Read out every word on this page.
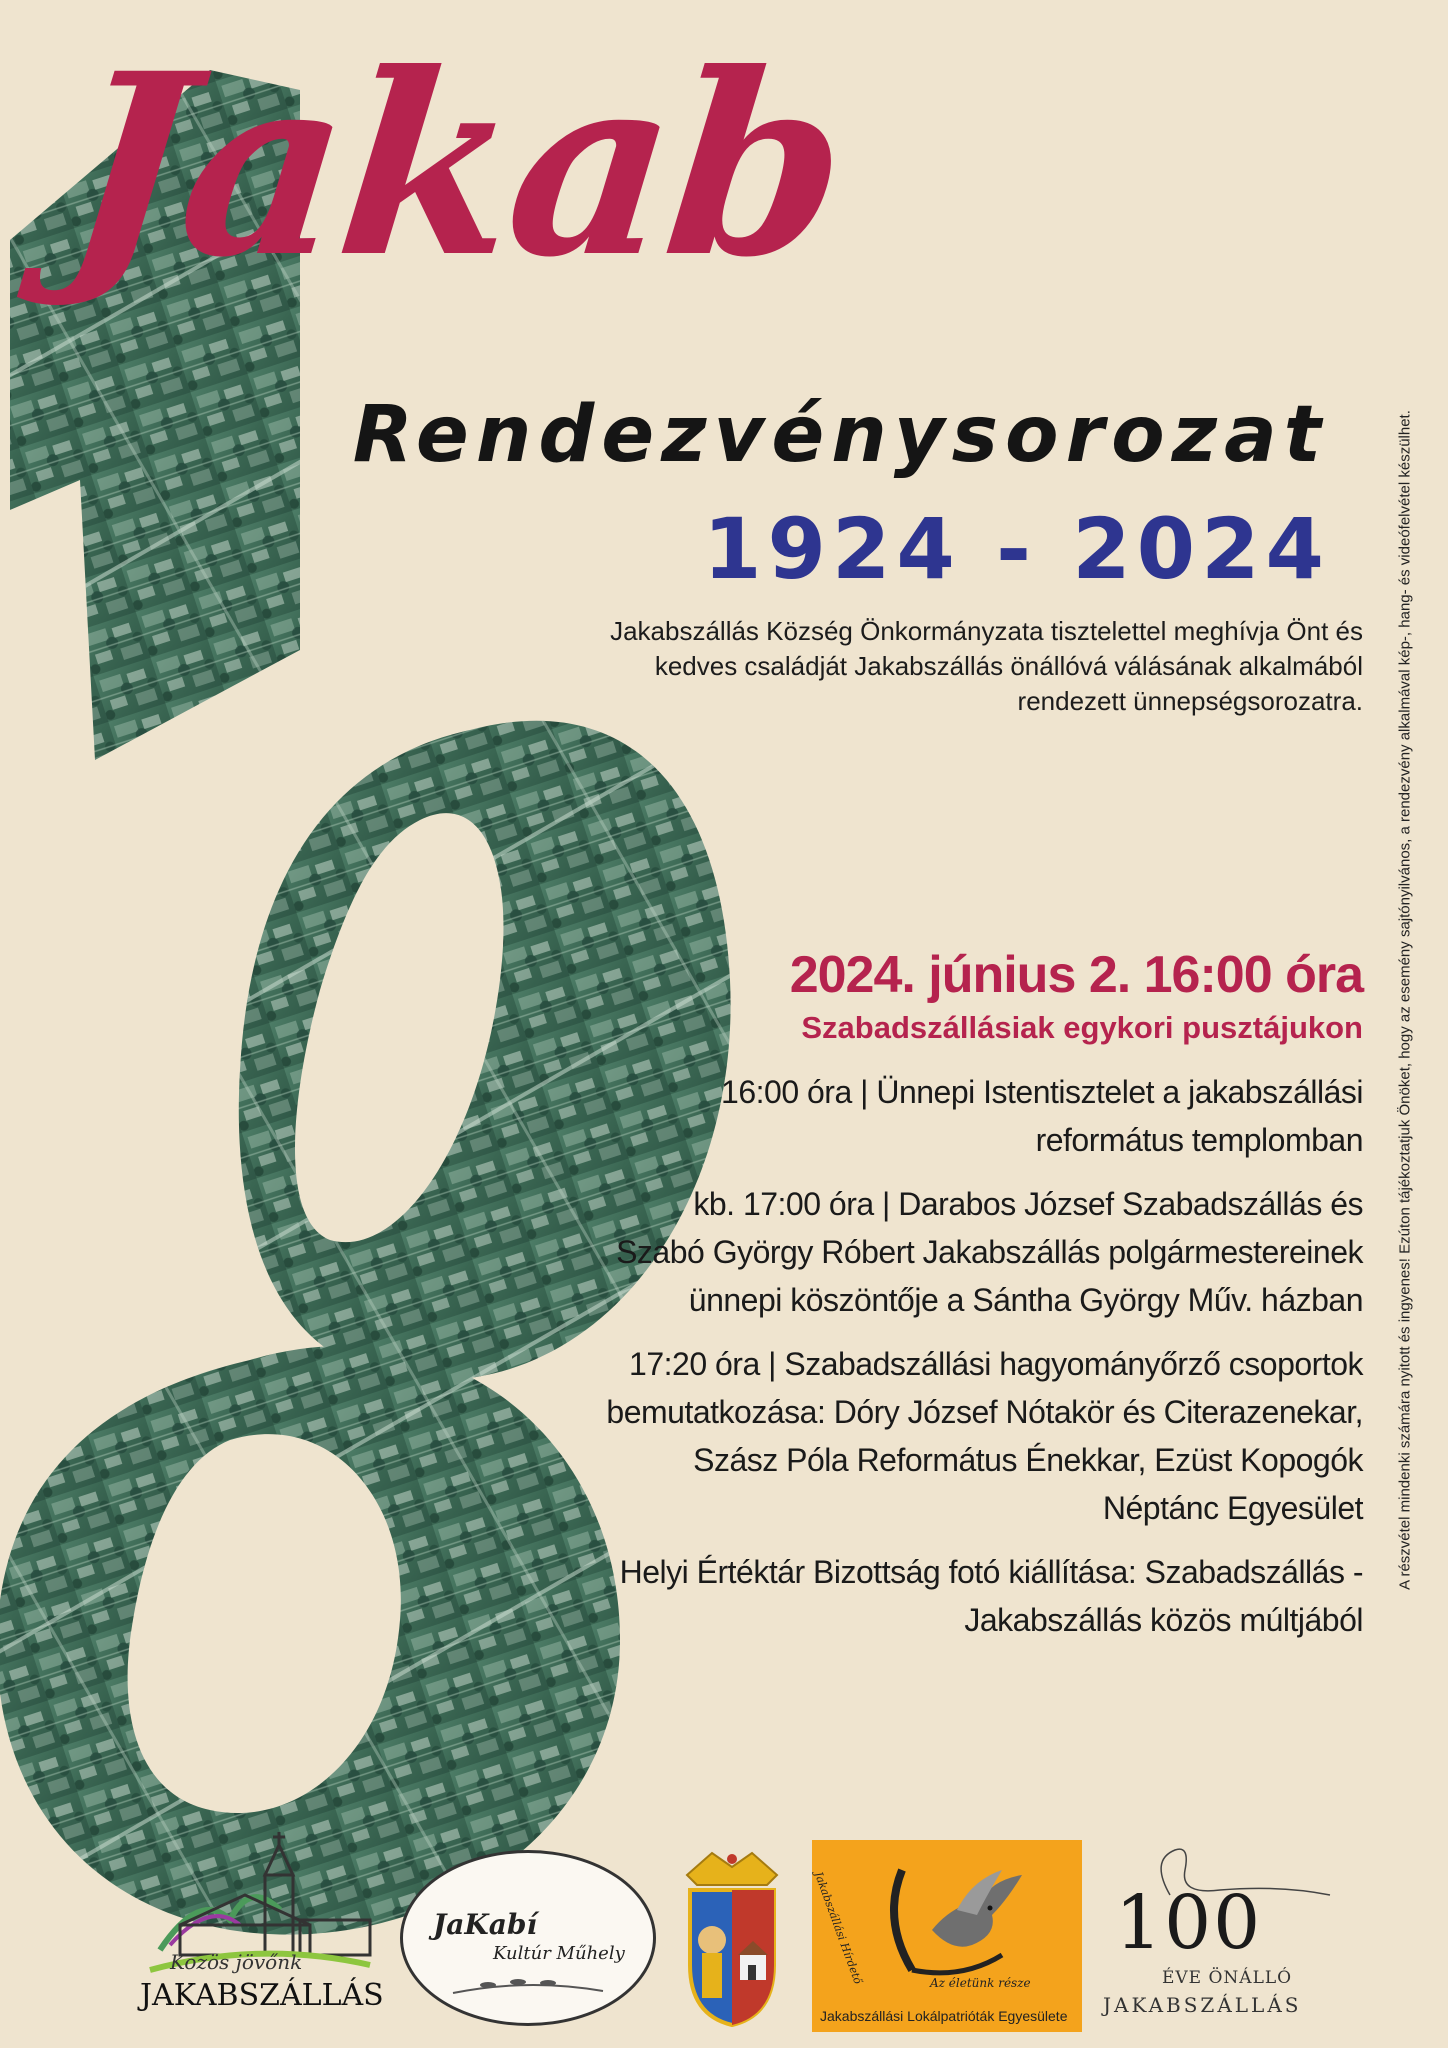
Jakab
Rendezvénysorozat
1924 - 2024
Jakabszállás Község Önkormányzata tisztelettel meghívja Önt és kedves családját Jakabszállás önállóvá válásának alkalmából rendezett ünnepségsorozatra.
2024. június 2. 16:00 óra
Szabadszállásiak egykori pusztájukon
16:00 óra | Ünnepi Istentisztelet a jakabszállási református templomban
kb. 17:00 óra | Darabos József Szabadszállás és Szabó György Róbert Jakabszállás polgármestereinek ünnepi köszöntője a Sántha György Műv. házban
17:20 óra | Szabadszállási hagyományőrző csoportok bemutatkozása: Dóry József Nótakör és Citerazenekar, Szász Póla Református Énekkar, Ezüst Kopogók Néptánc Egyesület
Helyi Értéktár Bizottság fotó kiállítása: Szabadszállás - Jakabszállás közös múltjából
A részvétel mindenki számára nyitott és ingyenes! Ezúton tájékoztatjuk Önöket, hogy az esemény sajtónyilvános, a rendezvény alkalmával kép-, hang- és videófelvétel készülhet.
Közös jövőnk
JAKABSZÁLLÁS
JaKabí
Kultúr Műhely	Jakabszállási Hírdető	Az életünk része
Jakabszállási Lokálpatrióták Egyesülete
100
ÉVE ÖNÁLLÓ
JAKABSZÁLLÁS
